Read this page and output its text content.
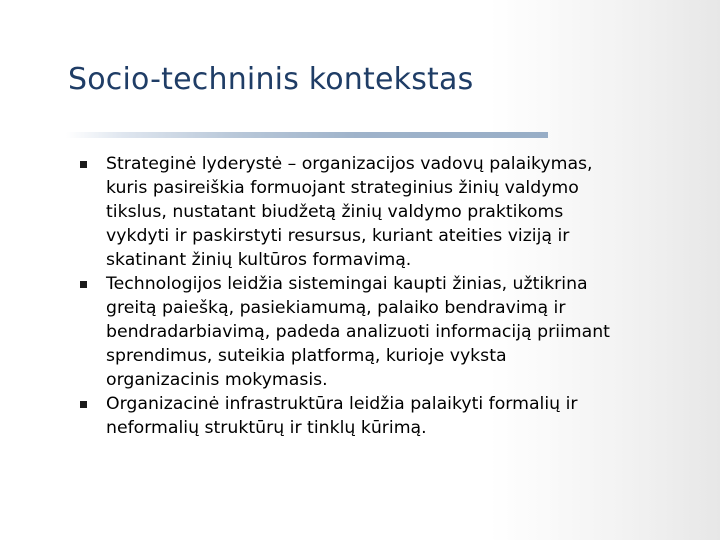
Socio-techninis kontekstas
Strateginė lyderystė – organizacijos vadovų palaikymas,
kuris pasireiškia formuojant strateginius žinių valdymo
tikslus, nustatant biudžetą žinių valdymo praktikoms
vykdyti ir paskirstyti resursus, kuriant ateities viziją ir
skatinant žinių kultūros formavimą.
Technologijos leidžia sistemingai kaupti žinias, užtikrina
greitą paiešką, pasiekiamumą, palaiko bendravimą ir
bendradarbiavimą, padeda analizuoti informaciją priimant
sprendimus, suteikia platformą, kurioje vyksta
organizacinis mokymasis.
Organizacinė infrastruktūra leidžia palaikyti formalių ir
neformalių struktūrų ir tinklų kūrimą.
